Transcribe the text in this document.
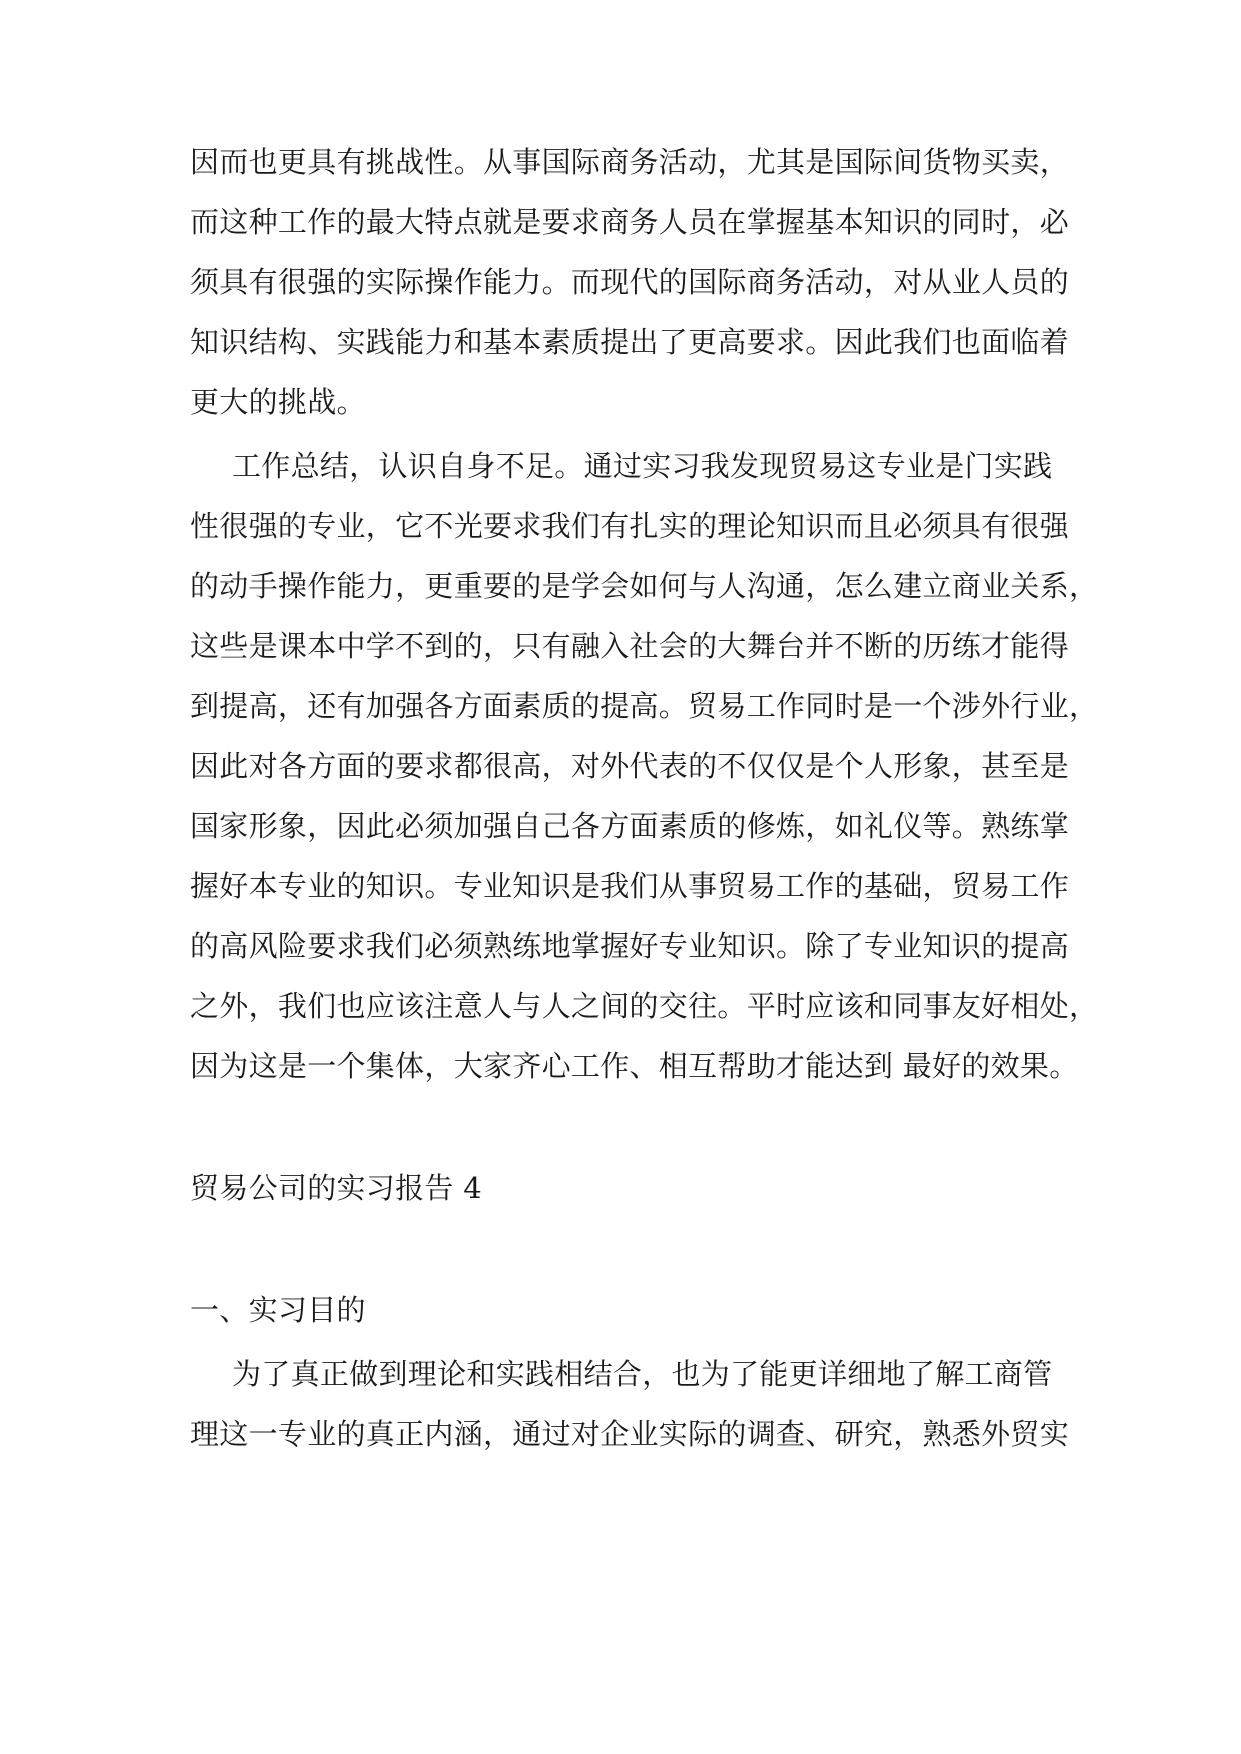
因而也更具有挑战性。从事国际商务活动，尤其是国际间货物买卖，
而这种工作的最大特点就是要求商务人员在掌握基本知识的同时，必
须具有很强的实际操作能力。而现代的国际商务活动，对从业人员的
知识结构、实践能力和基本素质提出了更高要求。因此我们也面临着
更大的挑战。
工作总结，认识自身不足。通过实习我发现贸易这专业是门实践
性很强的专业，它不光要求我们有扎实的理论知识而且必须具有很强
的动手操作能力，更重要的是学会如何与人沟通，怎么建立商业关系，
这些是课本中学不到的，只有融入社会的大舞台并不断的历练才能得
到提高，还有加强各方面素质的提高。贸易工作同时是一个涉外行业，
因此对各方面的要求都很高，对外代表的不仅仅是个人形象，甚至是
国家形象，因此必须加强自己各方面素质的修炼，如礼仪等。熟练掌
握好本专业的知识。专业知识是我们从事贸易工作的基础，贸易工作
的高风险要求我们必须熟练地掌握好专业知识。除了专业知识的提高
之外，我们也应该注意人与人之间的交往。平时应该和同事友好相处，
因为这是一个集体，大家齐心工作、相互帮助才能达到 最好的效果。
贸易公司的实习报告 4
一、实习目的
为了真正做到理论和实践相结合，也为了能更详细地了解工商管
理这一专业的真正内涵，通过对企业实际的调查、研究，熟悉外贸实
